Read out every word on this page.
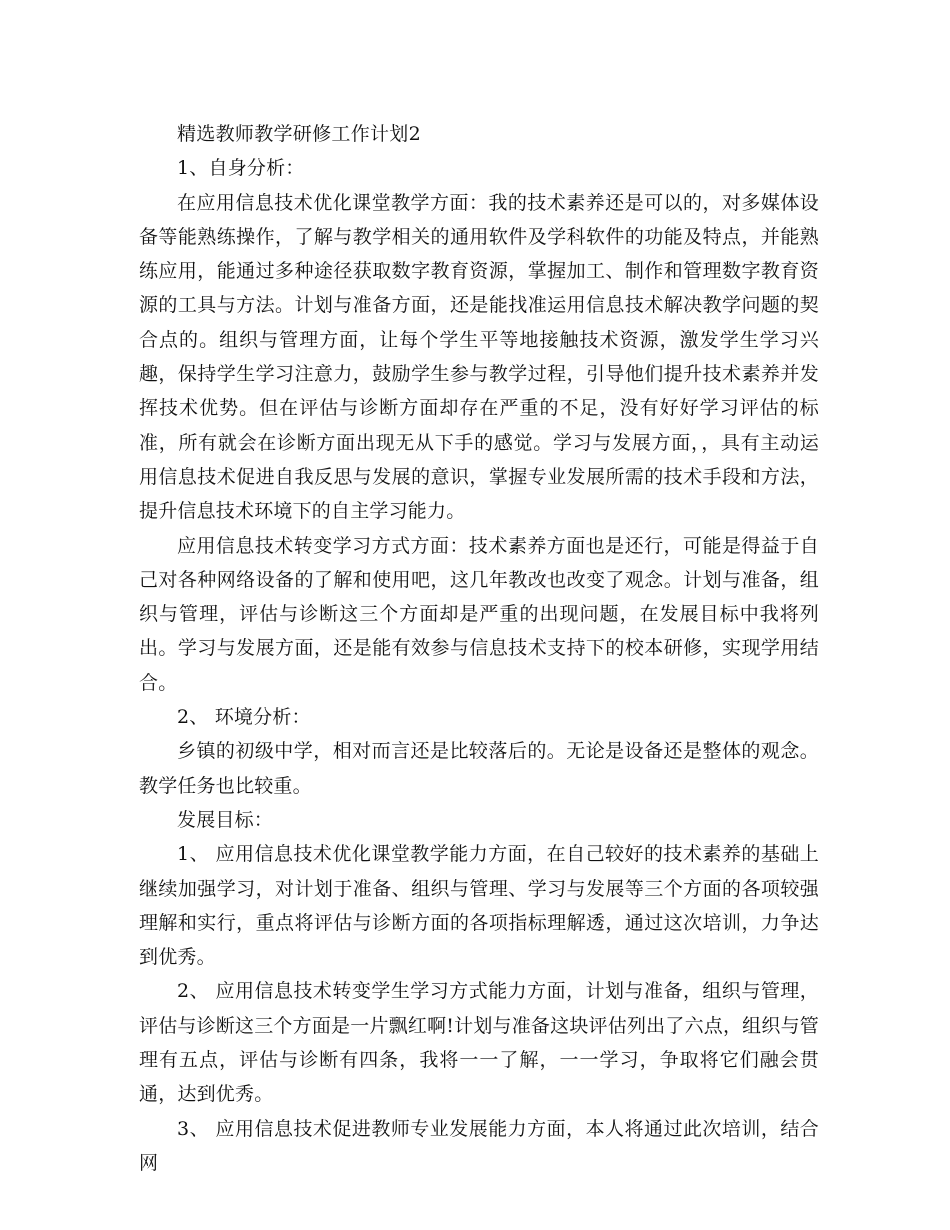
精选教师教学研修工作计划2

1、自身分析：

在应用信息技术优化课堂教学方面：我的技术素养还是可以的，对多媒体设备等能熟练操作，了解与教学相关的通用软件及学科软件的功能及特点，并能熟练应用，能通过多种途径获取数字教育资源，掌握加工、制作和管理数字教育资源的工具与方法。计划与准备方面，还是能找准运用信息技术解决教学问题的契合点的。组织与管理方面，让每个学生平等地接触技术资源，激发学生学习兴趣，保持学生学习注意力，鼓励学生参与教学过程，引导他们提升技术素养并发挥技术优势。但在评估与诊断方面却存在严重的不足，没有好好学习评估的标准，所有就会在诊断方面出现无从下手的感觉。学习与发展方面，，具有主动运用信息技术促进自我反思与发展的意识，掌握专业发展所需的技术手段和方法，提升信息技术环境下的自主学习能力。

应用信息技术转变学习方式方面：技术素养方面也是还行，可能是得益于自己对各种网络设备的了解和使用吧，这几年教改也改变了观念。计划与准备，组织与管理，评估与诊断这三个方面却是严重的出现问题，在发展目标中我将列出。学习与发展方面，还是能有效参与信息技术支持下的校本研修，实现学用结合。

2、 环境分析：

乡镇的初级中学，相对而言还是比较落后的。无论是设备还是整体的观念。教学任务也比较重。

发展目标：

1、 应用信息技术优化课堂教学能力方面，在自己较好的技术素养的基础上继续加强学习，对计划于准备、组织与管理、学习与发展等三个方面的各项较强理解和实行，重点将评估与诊断方面的各项指标理解透，通过这次培训，力争达到优秀。

2、 应用信息技术转变学生学习方式能力方面，计划与准备，组织与管理，评估与诊断这三个方面是一片飘红啊!计划与准备这块评估列出了六点，组织与管理有五点，评估与诊断有四条，我将一一了解，一一学习，争取将它们融会贯通，达到优秀。

3、 应用信息技术促进教师专业发展能力方面，本人将通过此次培训，结合网
